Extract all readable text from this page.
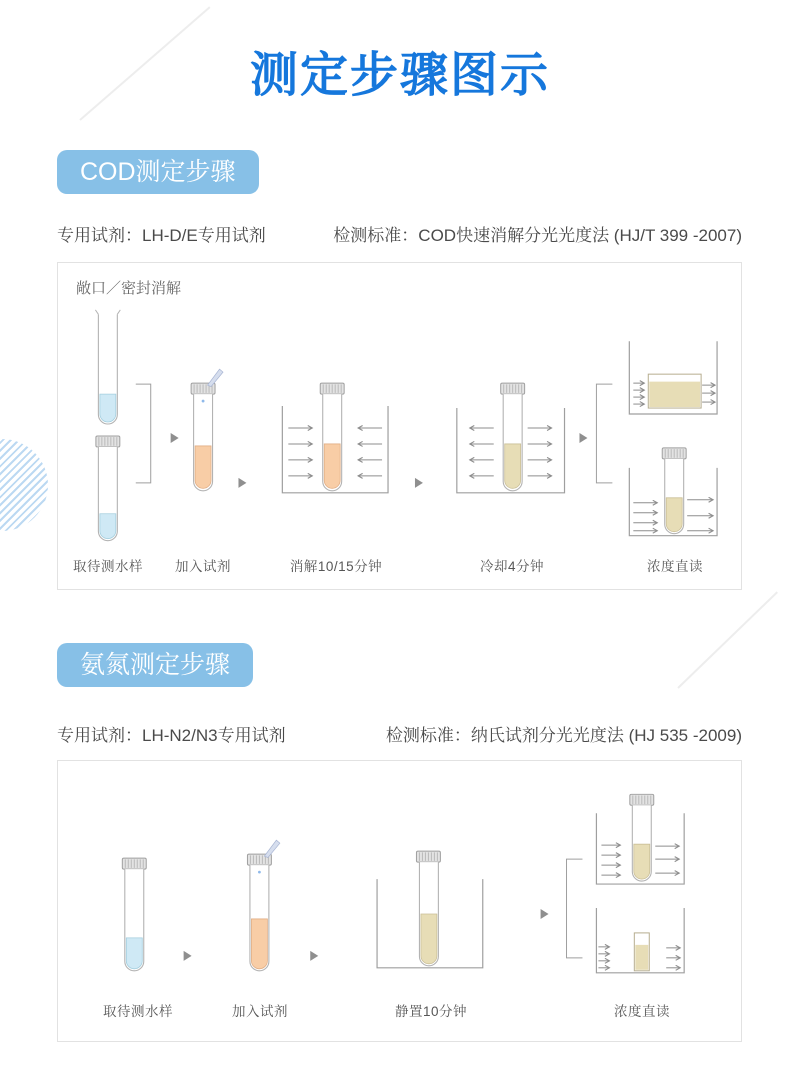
测定步骤图示
COD测定步骤
专用试剂：LH-D/E专用试剂	检测标准：COD快速消解分光光度法 (HJ/T 399 -2007)
敞口／密封消解
取待测水样 加入试剂	消解10/15分钟	冷却4分钟	浓度直读
氨氮测定步骤
专用试剂：LH-N2/N3专用试剂	检测标准：纳氏试剂分光光度法 (HJ 535 -2009)
取待测水样	加入试剂	静置10分钟	浓度直读
